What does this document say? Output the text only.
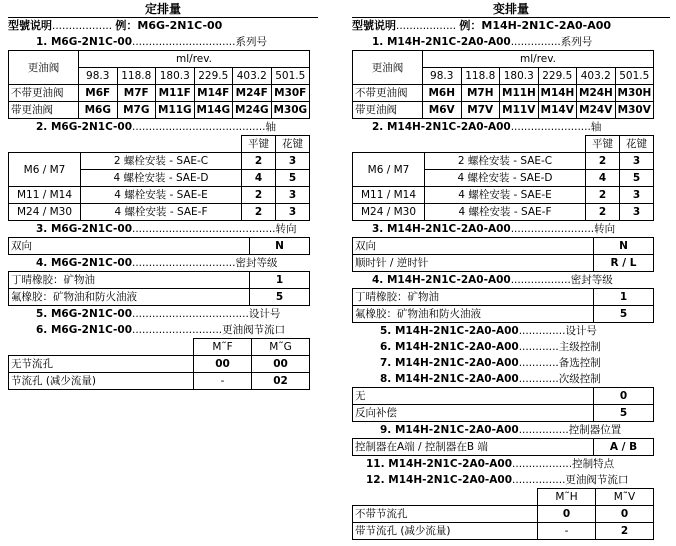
定排量
型號说明.................. 例：M6G-2N1C-00
1. M6G-2N1C-00...............................系列号
更油阀	ml/rev.					
	98.3	118.8	180.3	229.5	403.2	501.5
不带更油阀	M6F	M7F	M11F	M14F	M24F	M30F
带更油阀	M6G	M7G	M11G	M14G	M24G	M30G
2. M6G-2N1C-00........................................轴
		平键	花键
M6 / M7	2 螺栓安装 - SAE-C	2	3
	4 螺栓安装 - SAE-D	4	5
M11 / M14	4 螺栓安装 - SAE-E	2	3
M24 / M30	4 螺栓安装 - SAE-F	2	3
3. M6G-2N1C-00...........................................转向
双向	N
4. M6G-2N1C-00...............................密封等级
丁晴橡胶：矿物油	1
氟橡胶：矿物油和防火油液	5
5. M6G-2N1C-00...................................设计号
6. M6G-2N1C-00...........................更油阀节流口
	M˜F	M˜G
无节流孔	00	00
节流孔 (减少流量)	-	02
变排量
型號说明.................. 例：M14H-2N1C-2A0-A00
1. M14H-2N1C-2A0-A00...............系列号
更油阀	ml/rev.					
	98.3	118.8	180.3	229.5	403.2	501.5
不带更油阀	M6H	M7H	M11H	M14H	M24H	M30H
带更油阀	M6V	M7V	M11V	M14V	M24V	M30V
2. M14H-2N1C-2A0-A00........................轴
		平键	花键
M6 / M7	2 螺栓安装 - SAE-C	2	3
	4 螺栓安装 - SAE-D	4	5
M11 / M14	4 螺栓安装 - SAE-E	2	3
M24 / M30	4 螺栓安装 - SAE-F	2	3
3. M14H-2N1C-2A0-A00.........................转向
双向	N
顺时针 / 逆时针	R / L
4. M14H-2N1C-2A0-A00..................密封等级
丁晴橡胶：矿物油	1
氟橡胶：矿物油和防火油液	5
5. M14H-2N1C-2A0-A00..............设计号
6. M14H-2N1C-2A0-A00............主级控制
7. M14H-2N1C-2A0-A00............备选控制
8. M14H-2N1C-2A0-A00............次级控制
无	0
反向补偿	5
9. M14H-2N1C-2A0-A00...............控制器位置
控制器在A端 / 控制器在B 端	A / B
11. M14H-2N1C-2A0-A00..................控制特点
12. M14H-2N1C-2A0-A00................更油阀节流口
	M˜H	M˜V
不带节流孔	0	0
带节流孔 (减少流量)	-	2
